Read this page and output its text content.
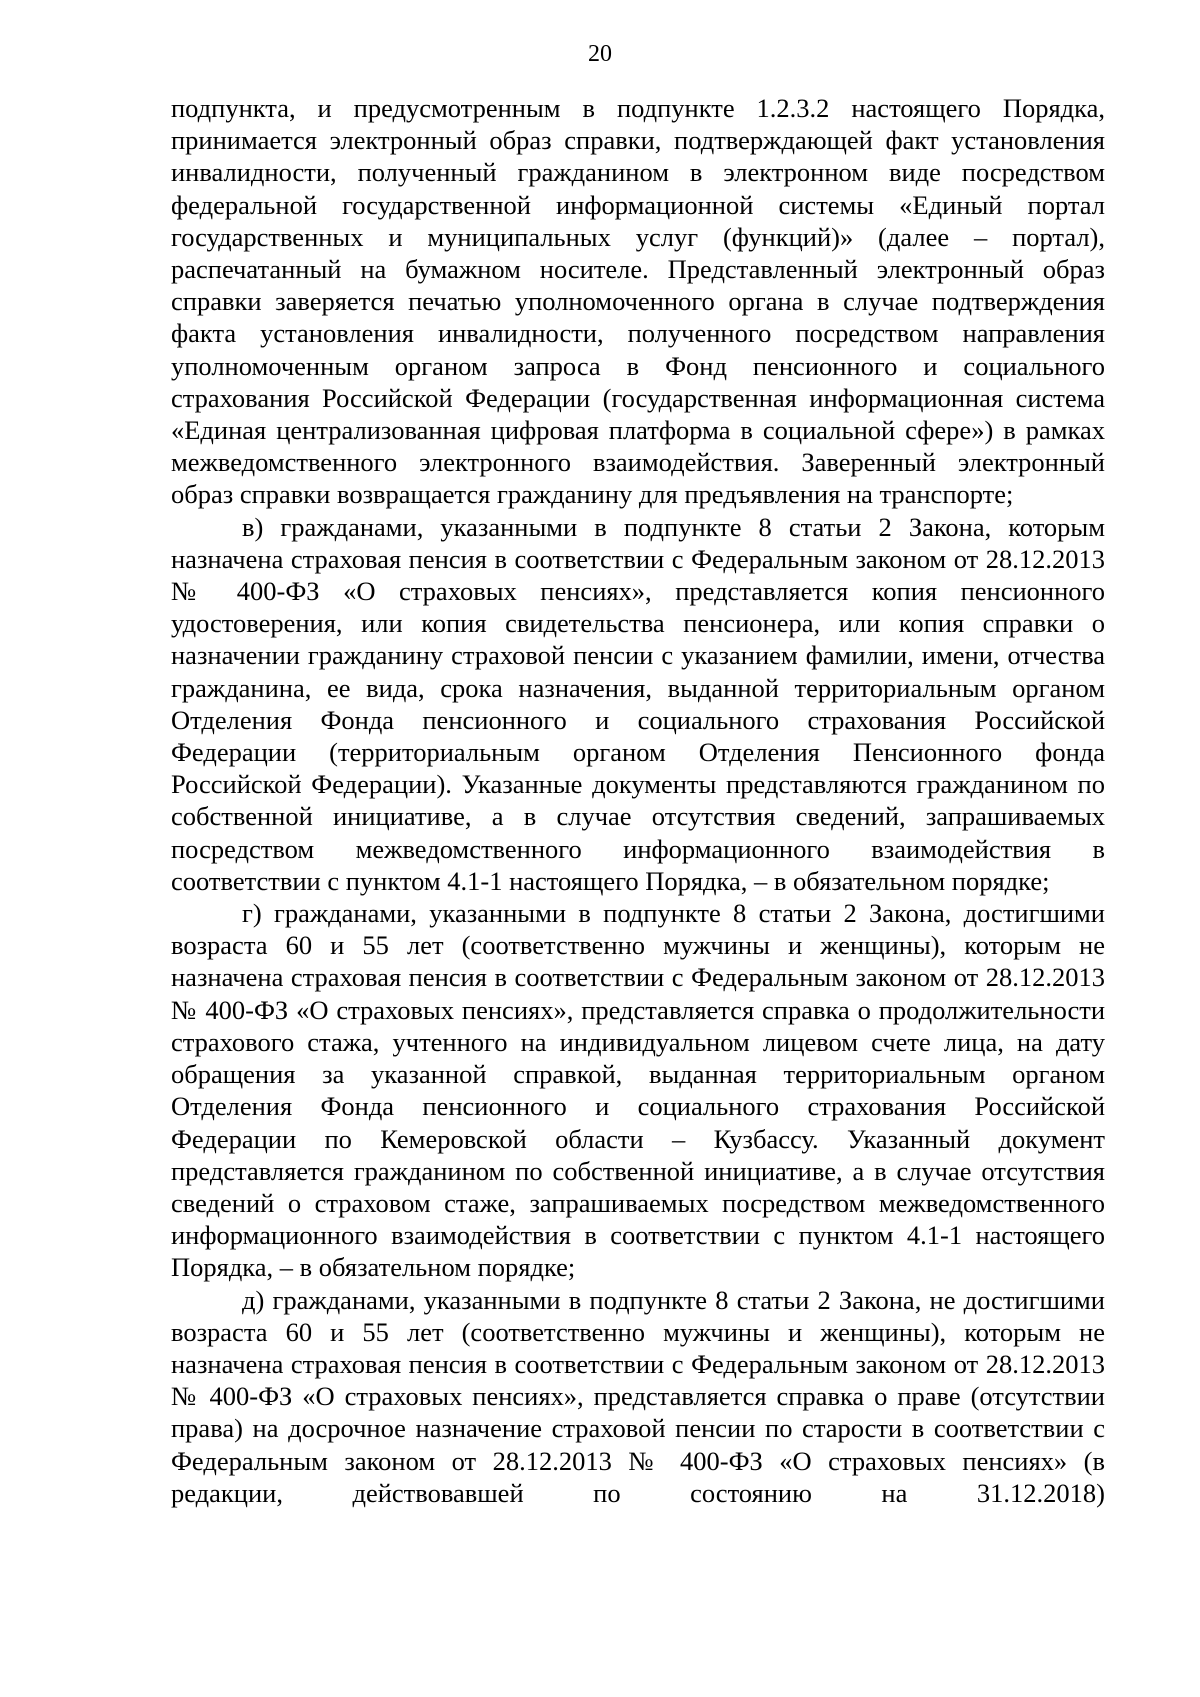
20

подпункта, и предусмотренным в подпункте 1.2.3.2 настоящего Порядка, принимается электронный образ справки, подтверждающей факт установления инвалидности, полученный гражданином в электронном виде посредством федеральной государственной информационной системы «Единый портал государственных и муниципальных услуг (функций)» (далее – портал), распечатанный на бумажном носителе. Представленный электронный образ справки заверяется печатью уполномоченного органа в случае подтверждения факта установления инвалидности, полученного посредством направления уполномоченным органом запроса в Фонд пенсионного и социального страхования Российской Федерации (государственная информационная система «Единая централизованная цифровая платформа в социальной сфере») в рамках межведомственного электронного взаимодействия. Заверенный электронный образ справки возвращается гражданину для предъявления на транспорте;

в) гражданами, указанными в подпункте 8 статьи 2 Закона, которым назначена страховая пенсия в соответствии с Федеральным законом от 28.12.2013 № 400-ФЗ «О страховых пенсиях», представляется копия пенсионного удостоверения, или копия свидетельства пенсионера, или копия справки о назначении гражданину страховой пенсии с указанием фамилии, имени, отчества гражданина, ее вида, срока назначения, выданной территориальным органом Отделения Фонда пенсионного и социального страхования Российской Федерации (территориальным органом Отделения Пенсионного фонда Российской Федерации). Указанные документы представляются гражданином по собственной инициативе, а в случае отсутствия сведений, запрашиваемых посредством межведомственного информационного взаимодействия в соответствии с пунктом 4.1-1 настоящего Порядка, – в обязательном порядке;

г) гражданами, указанными в подпункте 8 статьи 2 Закона, достигшими возраста 60 и 55 лет (соответственно мужчины и женщины), которым не назначена страховая пенсия в соответствии с Федеральным законом от 28.12.2013 № 400-ФЗ «О страховых пенсиях», представляется справка о продолжительности страхового стажа, учтенного на индивидуальном лицевом счете лица, на дату обращения за указанной справкой, выданная территориальным органом Отделения Фонда пенсионного и социального страхования Российской Федерации по Кемеровской области – Кузбассу. Указанный документ представляется гражданином по собственной инициативе, а в случае отсутствия сведений о страховом стаже, запрашиваемых посредством межведомственного информационного взаимодействия в соответствии с пунктом 4.1-1 настоящего Порядка, – в обязательном порядке;

д) гражданами, указанными в подпункте 8 статьи 2 Закона, не достигшими возраста 60 и 55 лет (соответственно мужчины и женщины), которым не назначена страховая пенсия в соответствии с Федеральным законом от 28.12.2013 № 400-ФЗ «О страховых пенсиях», представляется справка о праве (отсутствии права) на досрочное назначение страховой пенсии по старости в соответствии с Федеральным законом от 28.12.2013 № 400-ФЗ «О страховых пенсиях» (в редакции, действовавшей по состоянию на 31.12.2018)
